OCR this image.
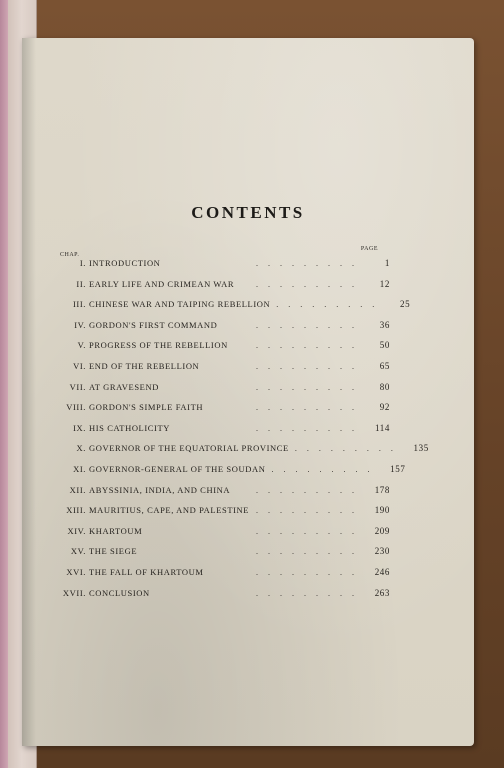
CONTENTS
CHAP.
PAGE
I. INTRODUCTION	.........	1
II. EARLY LIFE AND CRIMEAN WAR	.........	12
III. CHINESE WAR AND TAIPING REBELLION .........	25
IV. GORDON'S FIRST COMMAND	.........	36
V. PROGRESS OF THE REBELLION	.........	50
VI. END OF THE REBELLION	.........	65
VII. AT GRAVESEND	.........	80
VIII. GORDON'S SIMPLE FAITH	.........	92
IX. HIS CATHOLICITY	.........	114
X. GOVERNOR OF THE EQUATORIAL PROVINCE .........	135
XI. GOVERNOR-GENERAL OF THE SOUDAN .........	157
XII. ABYSSINIA, INDIA, AND CHINA	.........	178
XIII. MAURITIUS, CAPE, AND PALESTINE .........	190
XIV. KHARTOUM	.........	209
XV. THE SIEGE	.........	230
XVI. THE FALL OF KHARTOUM	.........	246
XVII. CONCLUSION	.........	263
